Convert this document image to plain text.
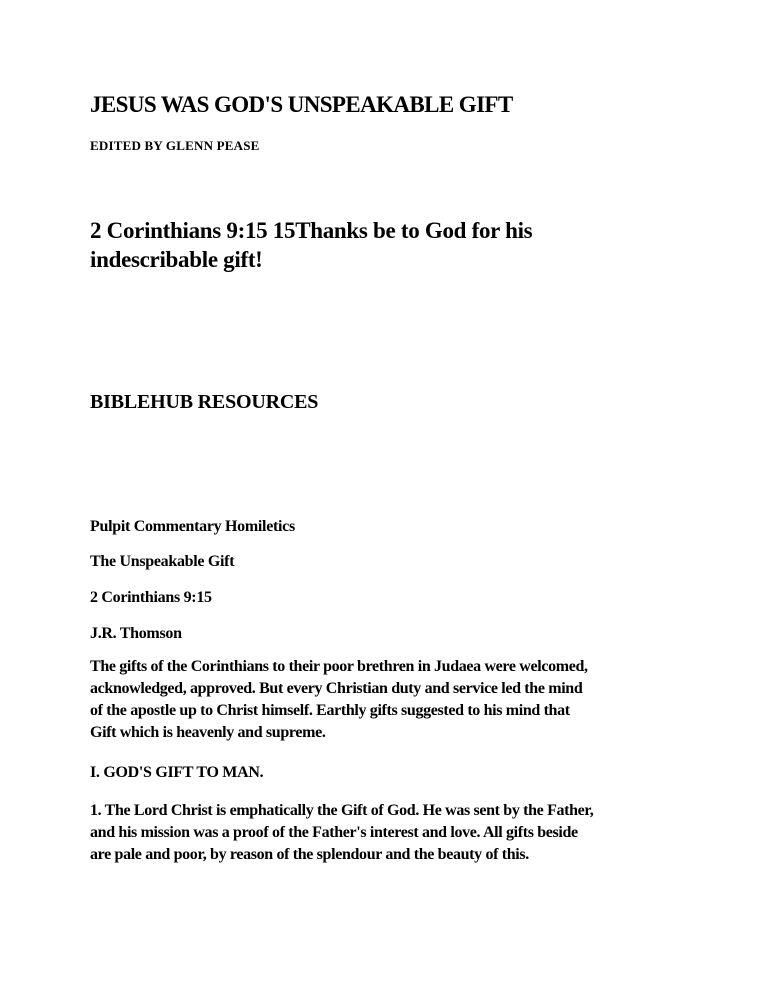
JESUS WAS GOD'S UNSPEAKABLE GIFT

EDITED BY GLENN PEASE

2 Corinthians 9:15 15Thanks be to God for his
indescribable gift!

BIBLEHUB RESOURCES

Pulpit Commentary Homiletics

The Unspeakable Gift

2 Corinthians 9:15

J.R. Thomson

The gifts of the Corinthians to their poor brethren in Judaea were welcomed,
acknowledged, approved. But every Christian duty and service led the mind
of the apostle up to Christ himself. Earthly gifts suggested to his mind that
Gift which is heavenly and supreme.

I. GOD'S GIFT TO MAN.

1. The Lord Christ is emphatically the Gift of God. He was sent by the Father,
and his mission was a proof of the Father's interest and love. All gifts beside
are pale and poor, by reason of the splendour and the beauty of this.
